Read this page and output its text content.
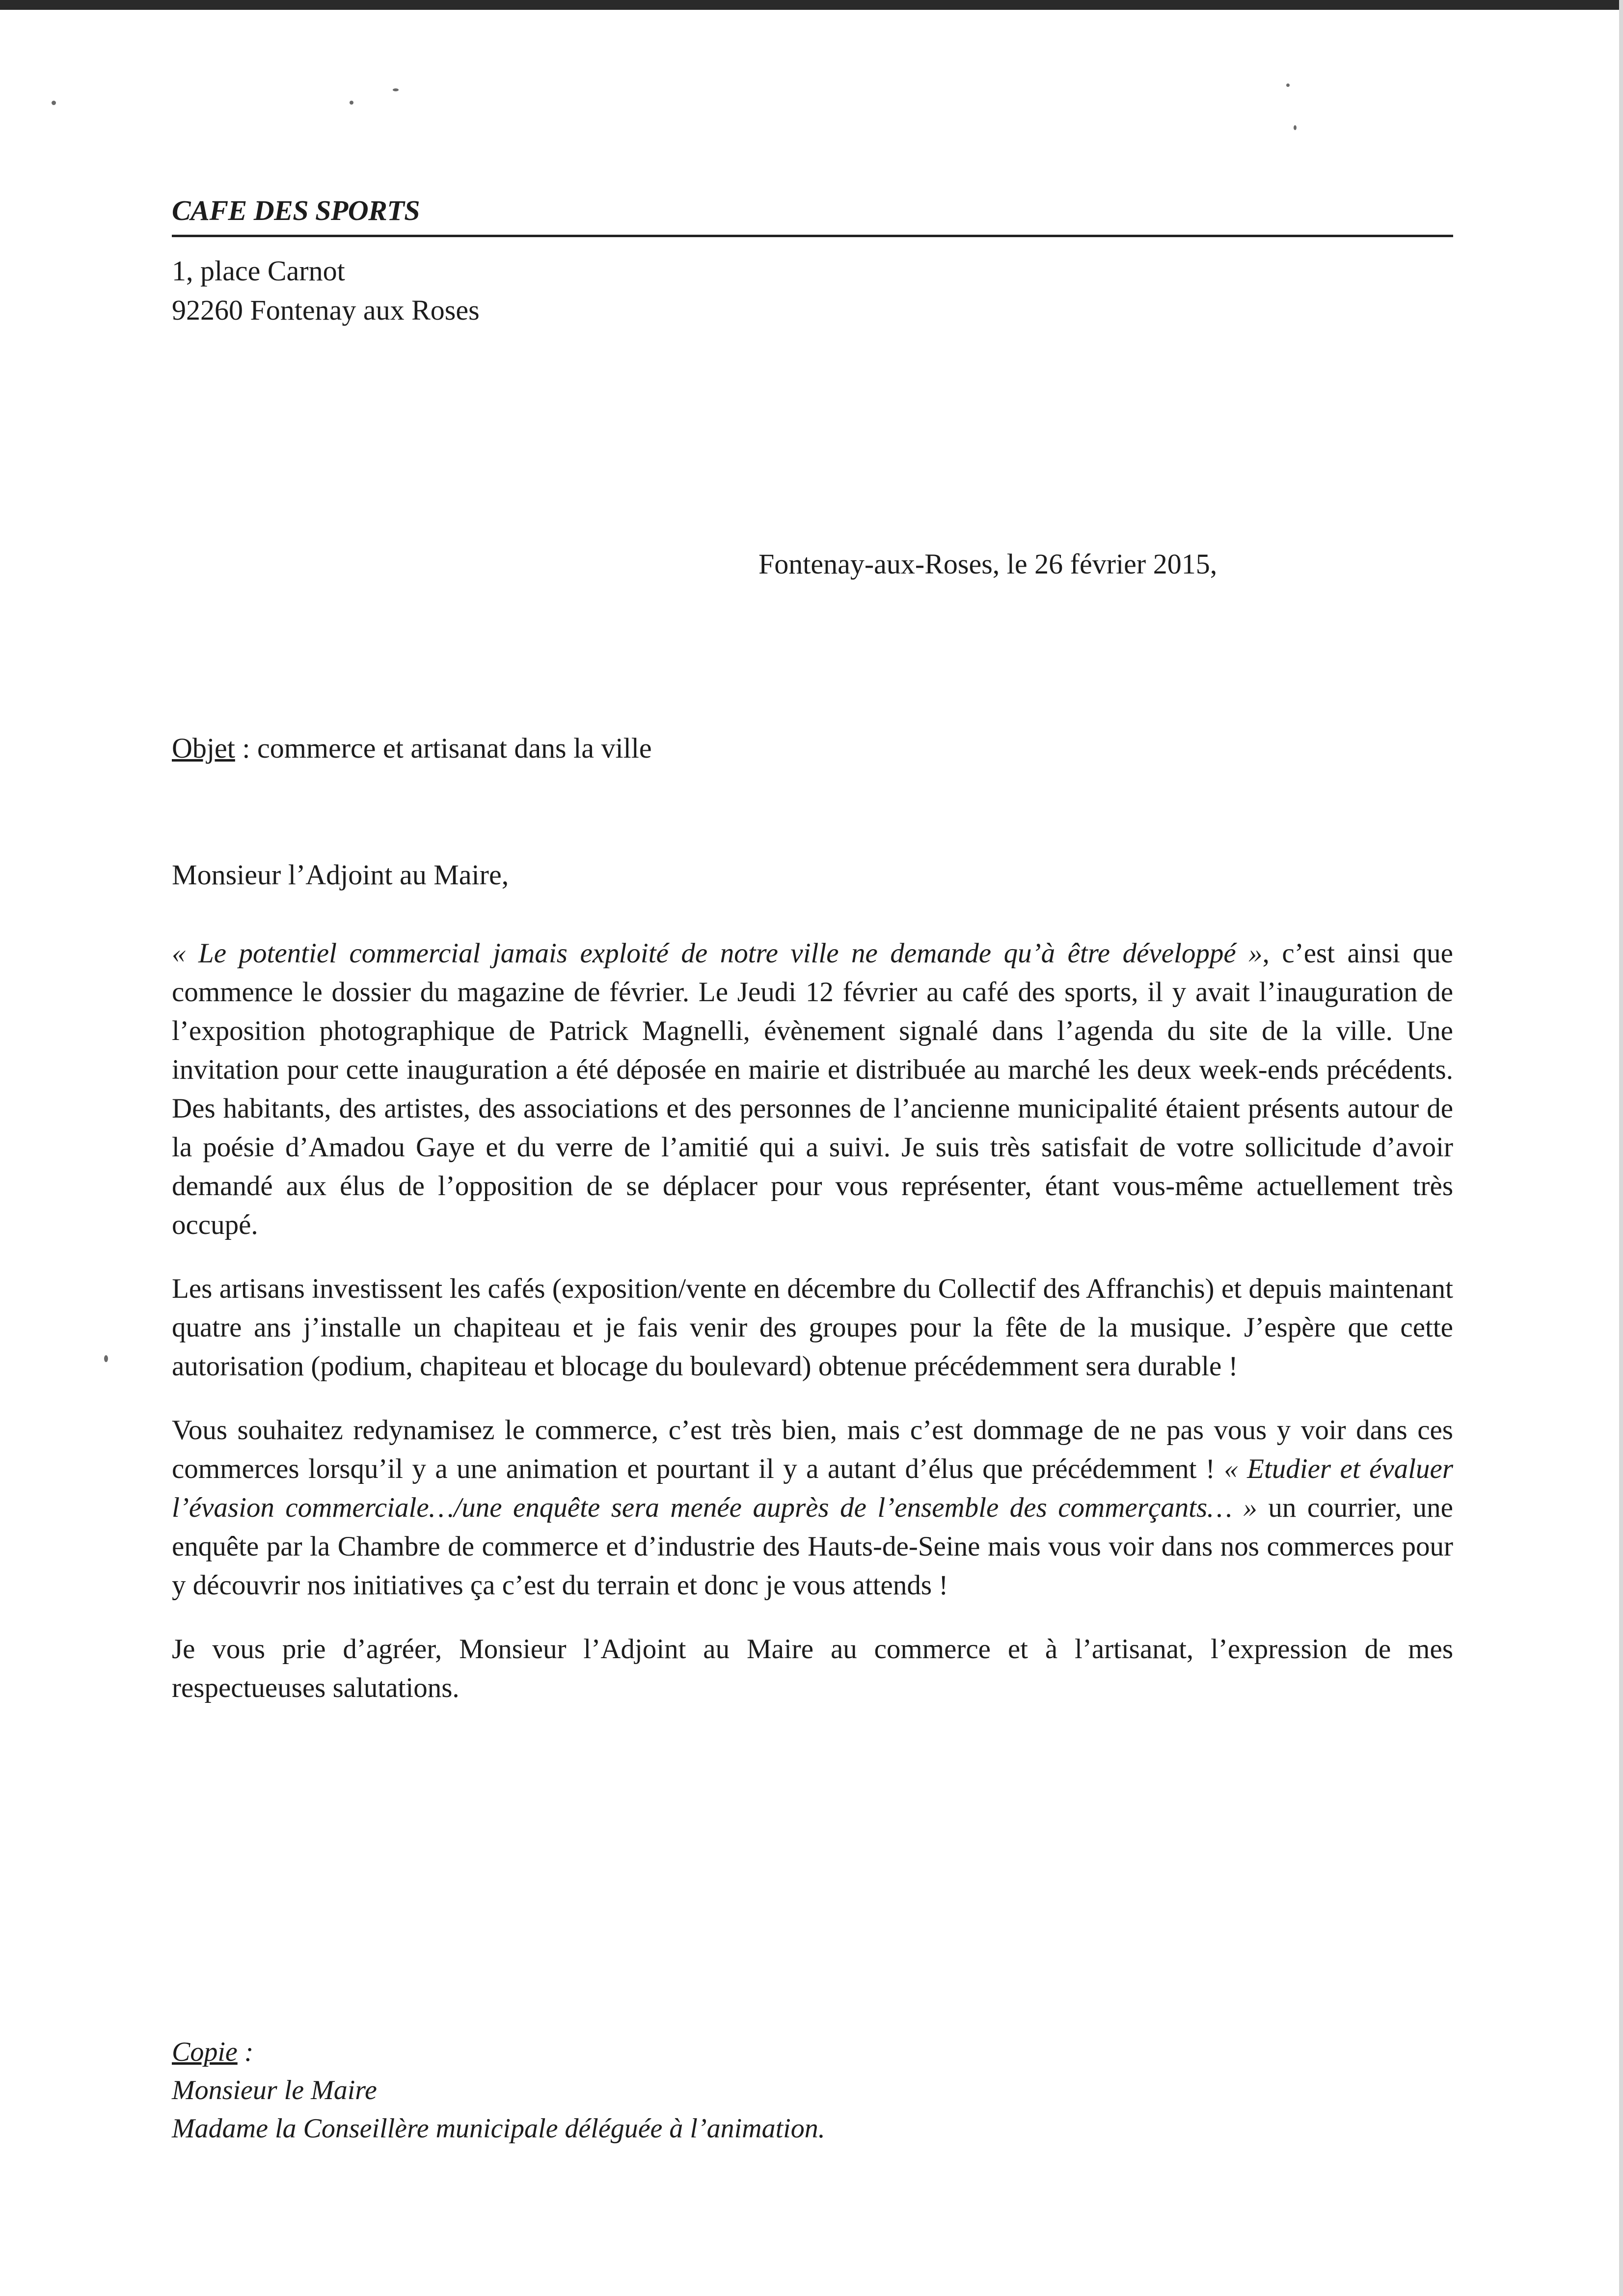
CAFE DES SPORTS
1, place Carnot
92260 Fontenay aux Roses
Fontenay-aux-Roses, le 26 février 2015,
Objet : commerce et artisanat dans la ville
Monsieur l’Adjoint au Maire,

« Le potentiel commercial jamais exploité de notre ville ne demande qu’à être développé », c’est ainsi que commence le dossier du magazine de février. Le Jeudi 12 février au café des sports, il y avait l’inauguration de l’exposition photographique de Patrick Magnelli, évènement signalé dans l’agenda du site de la ville. Une invitation pour cette inauguration a été déposée en mairie et distribuée au marché les deux week-ends précédents. Des habitants, des artistes, des associations et des personnes de l’ancienne municipalité étaient présents autour de la poésie d’Amadou Gaye et du verre de l’amitié qui a suivi. Je suis très satisfait de votre sollicitude d’avoir demandé aux élus de l’opposition de se déplacer pour vous représenter, étant vous-même actuellement très occupé.

Les artisans investissent les cafés (exposition/vente en décembre du Collectif des Affranchis) et depuis maintenant quatre ans j’installe un chapiteau et je fais venir des groupes pour la fête de la musique. J’espère que cette autorisation (podium, chapiteau et blocage du boulevard) obtenue précédemment sera durable !

Vous souhaitez redynamisez le commerce, c’est très bien, mais c’est dommage de ne pas vous y voir dans ces commerces lorsqu’il y a une animation et pourtant il y a autant d’élus que précédemment ! « Etudier et évaluer l’évasion commerciale…/une enquête sera menée auprès de l’ensemble des commerçants… » un courrier, une enquête par la Chambre de commerce et d’industrie des Hauts-de-Seine mais vous voir dans nos commerces pour y découvrir nos initiatives ça c’est du terrain et donc je vous attends !

Je vous prie d’agréer, Monsieur l’Adjoint au Maire au commerce et à l’artisanat, l’expression de mes respectueuses salutations.

Copie :
Monsieur le Maire
Madame la Conseillère municipale déléguée à l’animation.
